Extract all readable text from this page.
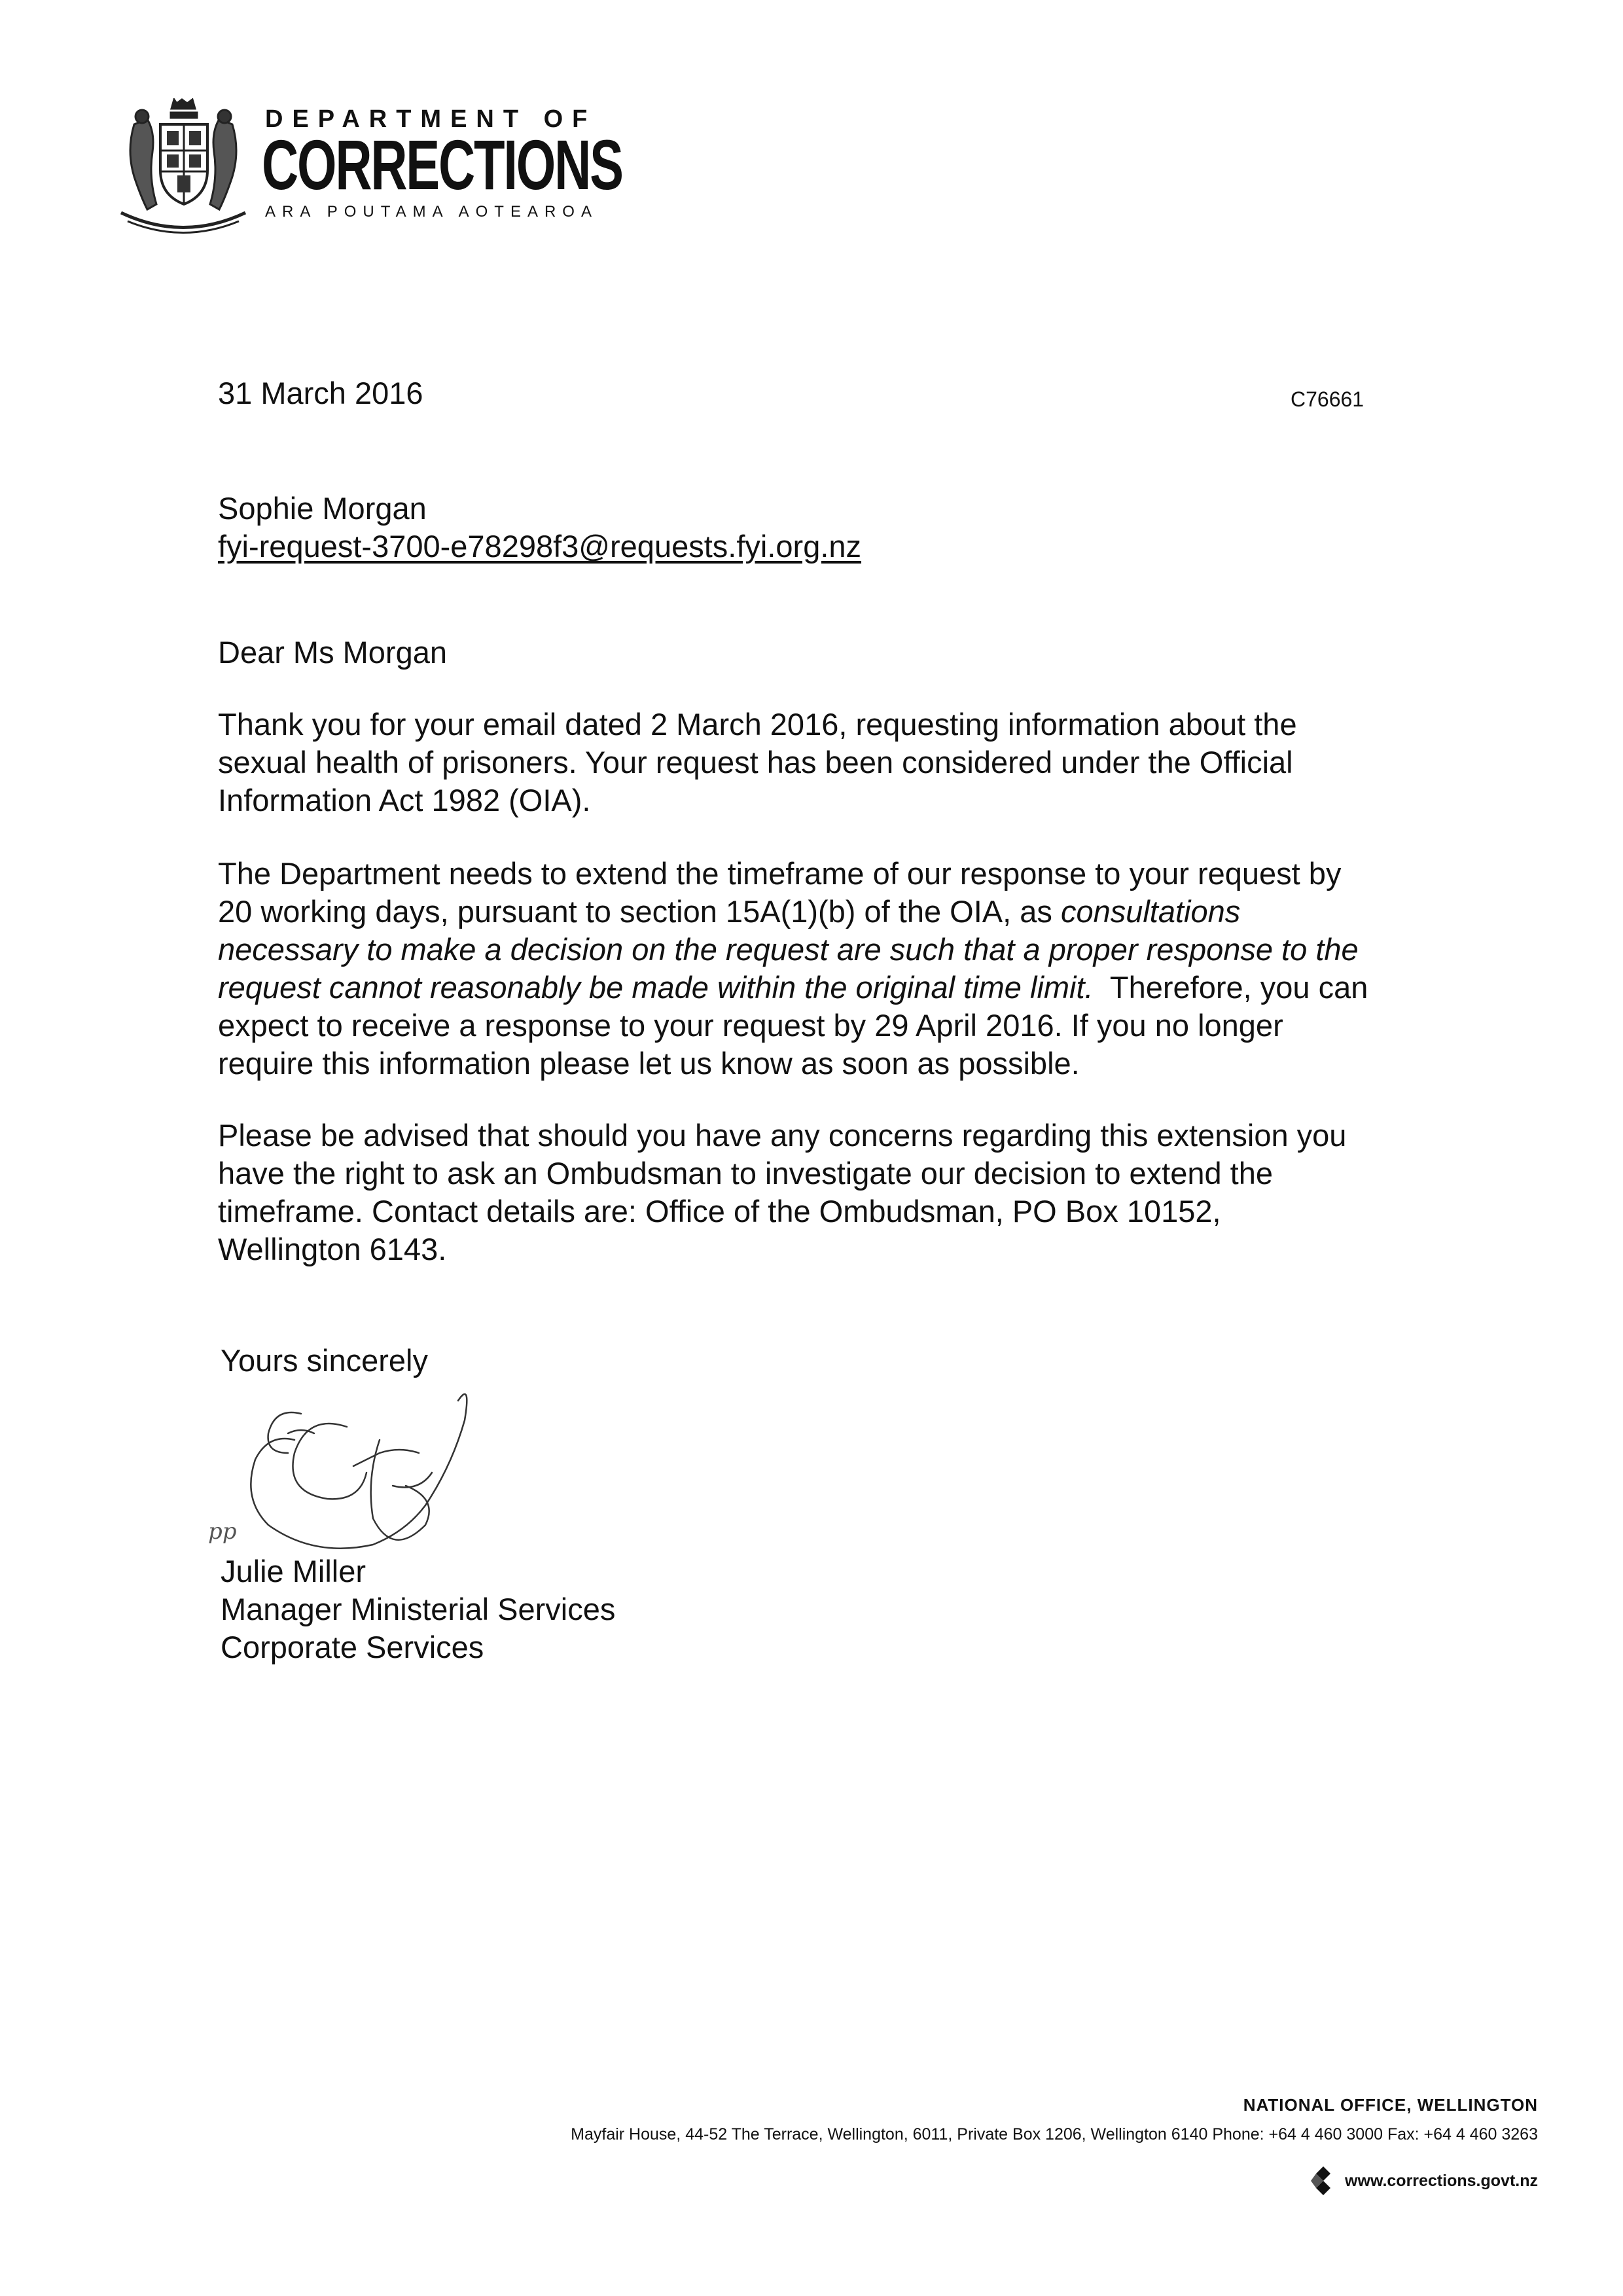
DEPARTMENT OF
CORRECTIONS
ARA POUTAMA AOTEAROA
31 March 2016	C76661
Sophie Morgan
fyi-request-3700-e78298f3@requests.fyi.org.nz
Dear Ms Morgan
Thank you for your email dated 2 March 2016, requesting information about the
sexual health of prisoners. Your request has been considered under the Official
Information Act 1982 (OIA).
The Department needs to extend the timeframe of our response to your request by
20 working days, pursuant to section 15A(1)(b) of the OIA, as consultations
necessary to make a decision on the request are such that a proper response to the
request cannot reasonably be made within the original time limit.  Therefore, you can
expect to receive a response to your request by 29 April 2016. If you no longer
require this information please let us know as soon as possible.
Please be advised that should you have any concerns regarding this extension you
have the right to ask an Ombudsman to investigate our decision to extend the
timeframe. Contact details are: Office of the Ombudsman, PO Box 10152,
Wellington 6143.
Yours sincerely
pp
Julie Miller
Manager Ministerial Services
Corporate Services
NATIONAL OFFICE, WELLINGTON
Mayfair House, 44-52 The Terrace, Wellington, 6011, Private Box 1206, Wellington 6140 Phone: +64 4 460 3000 Fax: +64 4 460 3263
www.corrections.govt.nz
